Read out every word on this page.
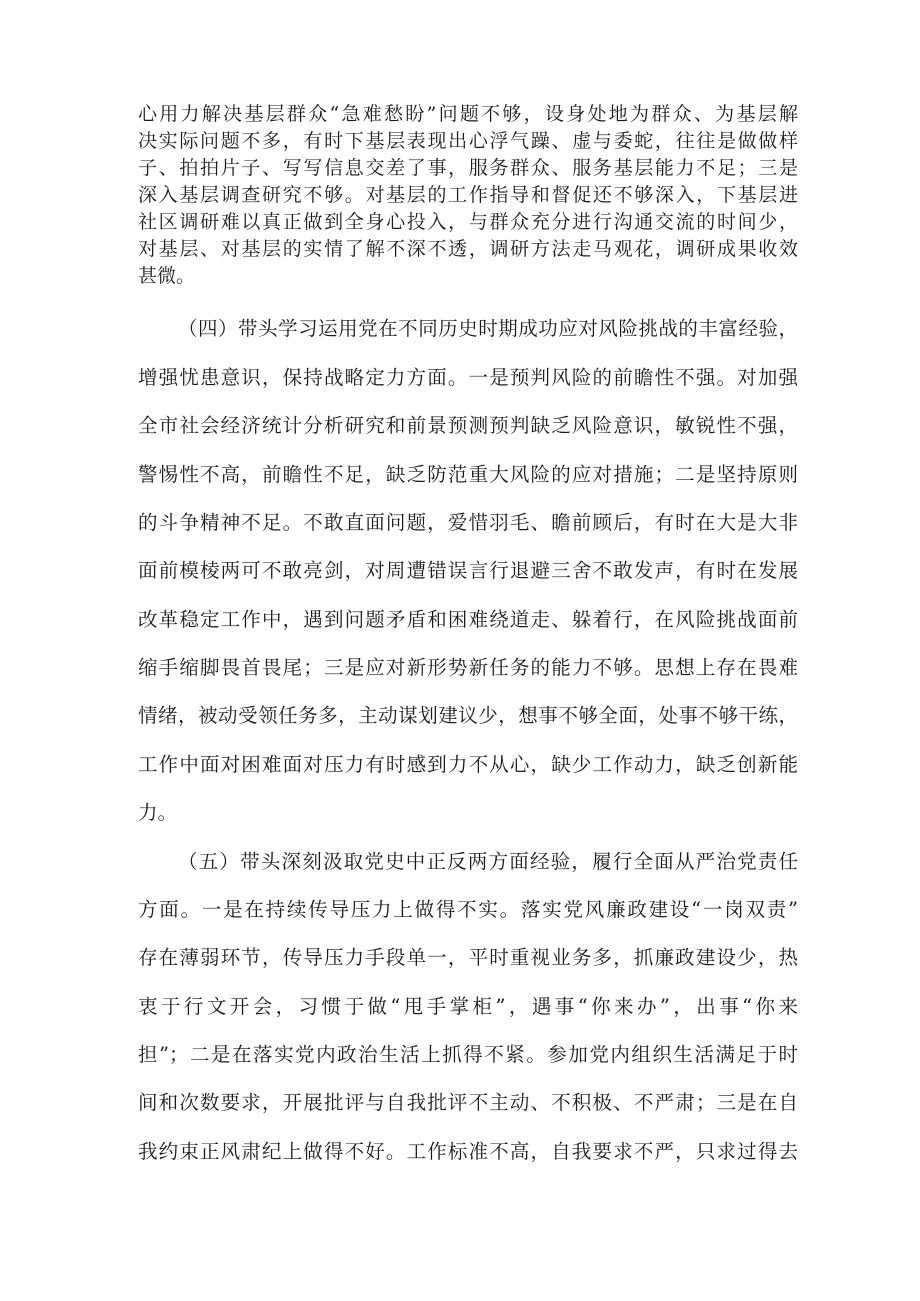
心用力解决基层群众“急难愁盼”问题不够，设身处地为群众、为基层解
决实际问题不多，有时下基层表现出心浮气躁、虚与委蛇，往往是做做样
子、拍拍片子、写写信息交差了事，服务群众、服务基层能力不足；三是
深入基层调查研究不够。对基层的工作指导和督促还不够深入，下基层进
社区调研难以真正做到全身心投入，与群众充分进行沟通交流的时间少，
对基层、对基层的实情了解不深不透，调研方法走马观花，调研成果收效
甚微。
（四）带头学习运用党在不同历史时期成功应对风险挑战的丰富经验，
增强忧患意识，保持战略定力方面。一是预判风险的前瞻性不强。对加强
全市社会经济统计分析研究和前景预测预判缺乏风险意识，敏锐性不强，
警惕性不高，前瞻性不足，缺乏防范重大风险的应对措施；二是坚持原则
的斗争精神不足。不敢直面问题，爱惜羽毛、瞻前顾后，有时在大是大非
面前模棱两可不敢亮剑，对周遭错误言行退避三舍不敢发声，有时在发展
改革稳定工作中，遇到问题矛盾和困难绕道走、躲着行，在风险挑战面前
缩手缩脚畏首畏尾；三是应对新形势新任务的能力不够。思想上存在畏难
情绪，被动受领任务多，主动谋划建议少，想事不够全面，处事不够干练，
工作中面对困难面对压力有时感到力不从心，缺少工作动力，缺乏创新能
力。
（五）带头深刻汲取党史中正反两方面经验，履行全面从严治党责任
方面。一是在持续传导压力上做得不实。落实党风廉政建设“一岗双责”
存在薄弱环节，传导压力手段单一，平时重视业务多，抓廉政建设少，热
衷于行文开会，习惯于做“甩手掌柜”，遇事“你来办”，出事“你来
担”；二是在落实党内政治生活上抓得不紧。参加党内组织生活满足于时
间和次数要求，开展批评与自我批评不主动、不积极、不严肃；三是在自
我约束正风肃纪上做得不好。工作标准不高，自我要求不严，只求过得去
